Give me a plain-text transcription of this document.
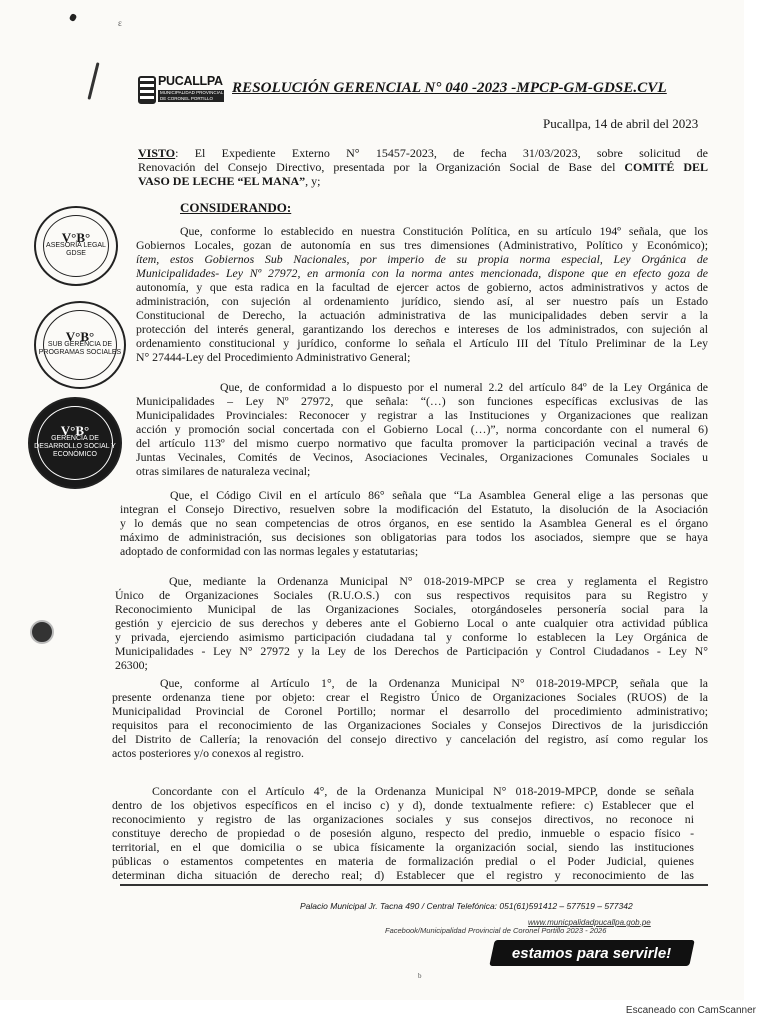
ε
PUCALLPA
MUNICIPALIDAD PROVINCIAL DE CORONEL PORTILLO
RESOLUCIÓN GERENCIAL N° 040 -2023 -MPCP-GM-GDSE.CVL
Pucallpa, 14 de abril del 2023
VISTO: El Expediente Externo N° 15457-2023, de fecha 31/03/2023, sobre solicitud de
Renovación del Consejo Directivo, presentada por la Organización Social de Base del COMITÉ DEL
VASO DE LECHE “EL MANA”, y;
CONSIDERANDO:
V°B°
ASESORÍA LEGAL GDSE
V°B°
SUB GERENCIA DE PROGRAMAS SOCIALES
V°B°
GERENCIA DE DESARROLLO SOCIAL Y ECONÓMICO
Que, conforme lo establecido en nuestra Constitución Política, en su artículo 194º señala, que los
Gobiernos Locales, gozan de autonomía en sus tres dimensiones (Administrativo, Político y Económico);
ítem, estos Gobiernos Sub Nacionales, por imperio de su propia norma especial, Ley Orgánica de
Municipalidades- Ley Nº 27972, en armonía con la norma antes mencionada, dispone que en efecto goza de
autonomía, y que esta radica en la facultad de ejercer actos de gobierno, actos administrativos y actos de
administración, con sujeción al ordenamiento jurídico, siendo así, al ser nuestro país un Estado
Constitucional de Derecho, la actuación administrativa de las municipalidades deben servir a la
protección del interés general, garantizando los derechos e intereses de los administrados, con sujeción al
ordenamiento constitucional y jurídico, conforme lo señala el Artículo III del Título Preliminar de la Ley
N° 27444-Ley del Procedimiento Administrativo General;
Que, de conformidad a lo dispuesto por el numeral 2.2 del artículo 84º de la Ley Orgánica de
Municipalidades – Ley Nº 27972, que señala: “(…) son funciones específicas exclusivas de las
Municipalidades Provinciales: Reconocer y registrar a las Instituciones y Organizaciones que realizan
acción y promoción social concertada con el Gobierno Local (…)”, norma concordante con el numeral 6)
del artículo 113º del mismo cuerpo normativo que faculta promover la participación vecinal a través de
Juntas Vecinales, Comités de Vecinos, Asociaciones Vecinales, Organizaciones Comunales Sociales u
otras similares de naturaleza vecinal;
Que, el Código Civil en el artículo 86° señala que “La Asamblea General elige a las personas que
integran el Consejo Directivo, resuelven sobre la modificación del Estatuto, la disolución de la Asociación
y lo demás que no sean competencias de otros órganos, en ese sentido la Asamblea General es el órgano
máximo de administración, sus decisiones son obligatorias para todos los asociados, siempre que se haya
adoptado de conformidad con las normas legales y estatutarias;
Que, mediante la Ordenanza Municipal N° 018-2019-MPCP se crea y reglamenta el Registro
Único de Organizaciones Sociales (R.U.O.S.) con sus respectivos requisitos para su Registro y
Reconocimiento Municipal de las Organizaciones Sociales, otorgándoseles personería social para la
gestión y ejercicio de sus derechos y deberes ante el Gobierno Local o ante cualquier otra actividad pública
y privada, ejerciendo asimismo participación ciudadana tal y conforme lo establecen la Ley Orgánica de
Municipalidades - Ley N° 27972 y la Ley de los Derechos de Participación y Control Ciudadanos - Ley N°
26300;
Que, conforme al Artículo 1°, de la Ordenanza Municipal N° 018-2019-MPCP, señala que la
presente ordenanza tiene por objeto: crear el Registro Único de Organizaciones Sociales (RUOS) de la
Municipalidad Provincial de Coronel Portillo; normar el desarrollo del procedimiento administrativo;
requisitos para el reconocimiento de las Organizaciones Sociales y Consejos Directivos de la jurisdicción
del Distrito de Callería; la renovación del consejo directivo y cancelación del registro, así como regular los
actos posteriores y/o conexos al registro.
Concordante con el Artículo 4°, de la Ordenanza Municipal N° 018-2019-MPCP, donde se señala
dentro de los objetivos específicos en el inciso c) y d), donde textualmente refiere: c) Establecer que el
reconocimiento y registro de las organizaciones sociales y sus consejos directivos, no reconoce ni
constituye derecho de propiedad o de posesión alguno, respecto del predio, inmueble o espacio físico -
territorial, en el que domicilia o se ubica físicamente la organización social, siendo las instituciones
públicas o estamentos competentes en materia de formalización predial o el Poder Judicial, quienes
determinan dicha situación de derecho real; d) Establecer que el registro y reconocimiento de las
Palacio Municipal Jr. Tacna 490 / Central Telefónica: 051(61)591412 – 577519 – 577342
www.municpalidadpucallpa.gob.pe
Facebook/Municipalidad Provincial de Coronel Portillo 2023 - 2026
estamos para servirle!
b
Escaneado con CamScanner
